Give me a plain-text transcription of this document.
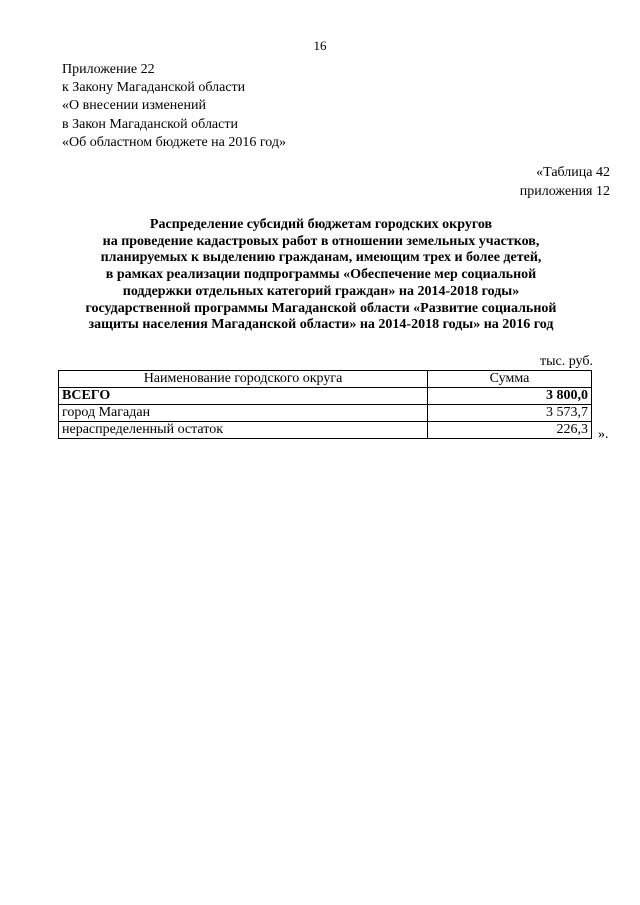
16
Приложение 22
к Закону Магаданской области
«О внесении изменений
в Закон Магаданской области
«Об областном бюджете на 2016 год»
«Таблица 42
приложения 12
Распределение субсидий бюджетам городских округов
на проведение кадастровых работ в отношении земельных участков,
планируемых к выделению гражданам, имеющим трех и более детей,
в рамках реализации подпрограммы «Обеспечение мер социальной
поддержки отдельных категорий граждан» на 2014-2018 годы»
государственной программы Магаданской области «Развитие социальной
защиты населения Магаданской области» на 2014-2018 годы» на 2016 год
тыс. руб.
Наименование городского округа	Сумма
ВСЕГО	3 800,0
город Магадан	3 573,7
нераспределенный остаток	226,3 ».
